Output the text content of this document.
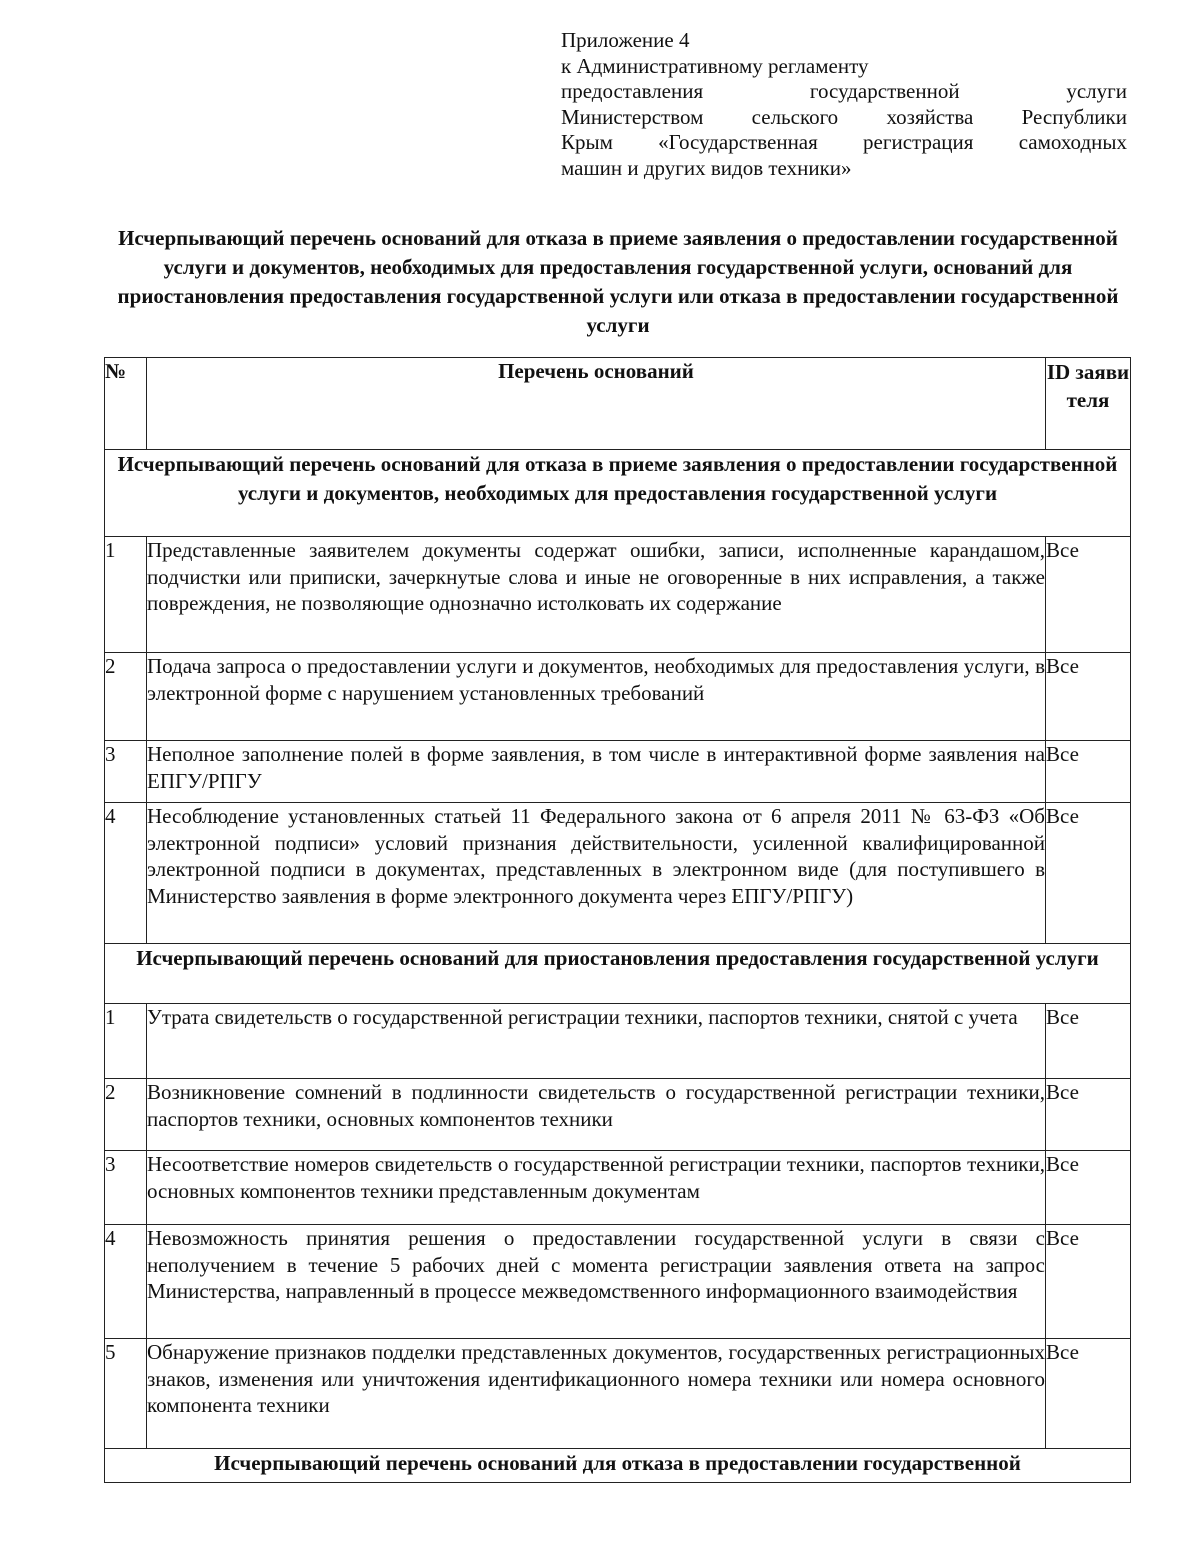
Приложение 4
к Административному регламенту
предоставления государственной услуги
Министерством сельского хозяйства Республики
Крым «Государственная регистрация самоходных
машин и других видов техники»
Исчерпывающий перечень оснований для отказа в приеме заявления о предоставлении государственной услуги и документов, необходимых для предоставления государственной услуги, оснований для приостановления предоставления государственной услуги или отказа в предоставлении государственной услуги
№	Перечень оснований	ID заяви теля
Исчерпывающий перечень оснований для отказа в приеме заявления о предоставлении государственной услуги и документов, необходимых для предоставления государственной услуги		
1	Представленные заявителем документы содержат ошибки, записи, исполненные карандашом, подчистки или приписки, зачеркнутые слова и иные не оговоренные в них исправления, а также повреждения, не позволяющие однозначно истолковать их содержание	Все
2	Подача запроса о предоставлении услуги и документов, необходимых для предоставления услуги, в электронной форме с нарушением установленных требований	Все
3	Неполное заполнение полей в форме заявления, в том числе в интерактивной форме заявления на ЕПГУ/РПГУ	Все
4	Несоблюдение установленных статьей 11 Федерального закона от 6 апреля 2011 № 63-ФЗ «Об электронной подписи» условий признания действительности, усиленной квалифицированной электронной подписи в документах, представленных в электронном виде (для поступившего в Министерство заявления в форме электронного документа через ЕПГУ/РПГУ)	Все
Исчерпывающий перечень оснований для приостановления предоставления государственной услуги		
1	Утрата свидетельств о государственной регистрации техники, паспортов техники, снятой с учета	Все
2	Возникновение сомнений в подлинности свидетельств о государственной регистрации техники, паспортов техники, основных компонентов техники	Все
3	Несоответствие номеров свидетельств о государственной регистрации техники, паспортов техники, основных компонентов техники представленным документам	Все
4	Невозможность принятия решения о предоставлении государственной услуги в связи с неполучением в течение 5 рабочих дней с момента регистрации заявления ответа на запрос Министерства, направленный в процессе межведомственного информационного взаимодействия	Все
5	Обнаружение признаков подделки представленных документов, государственных регистрационных знаков, изменения или уничтожения идентификационного номера техники или номера основного компонента техники	Все
Исчерпывающий перечень оснований для отказа в предоставлении государственной		
